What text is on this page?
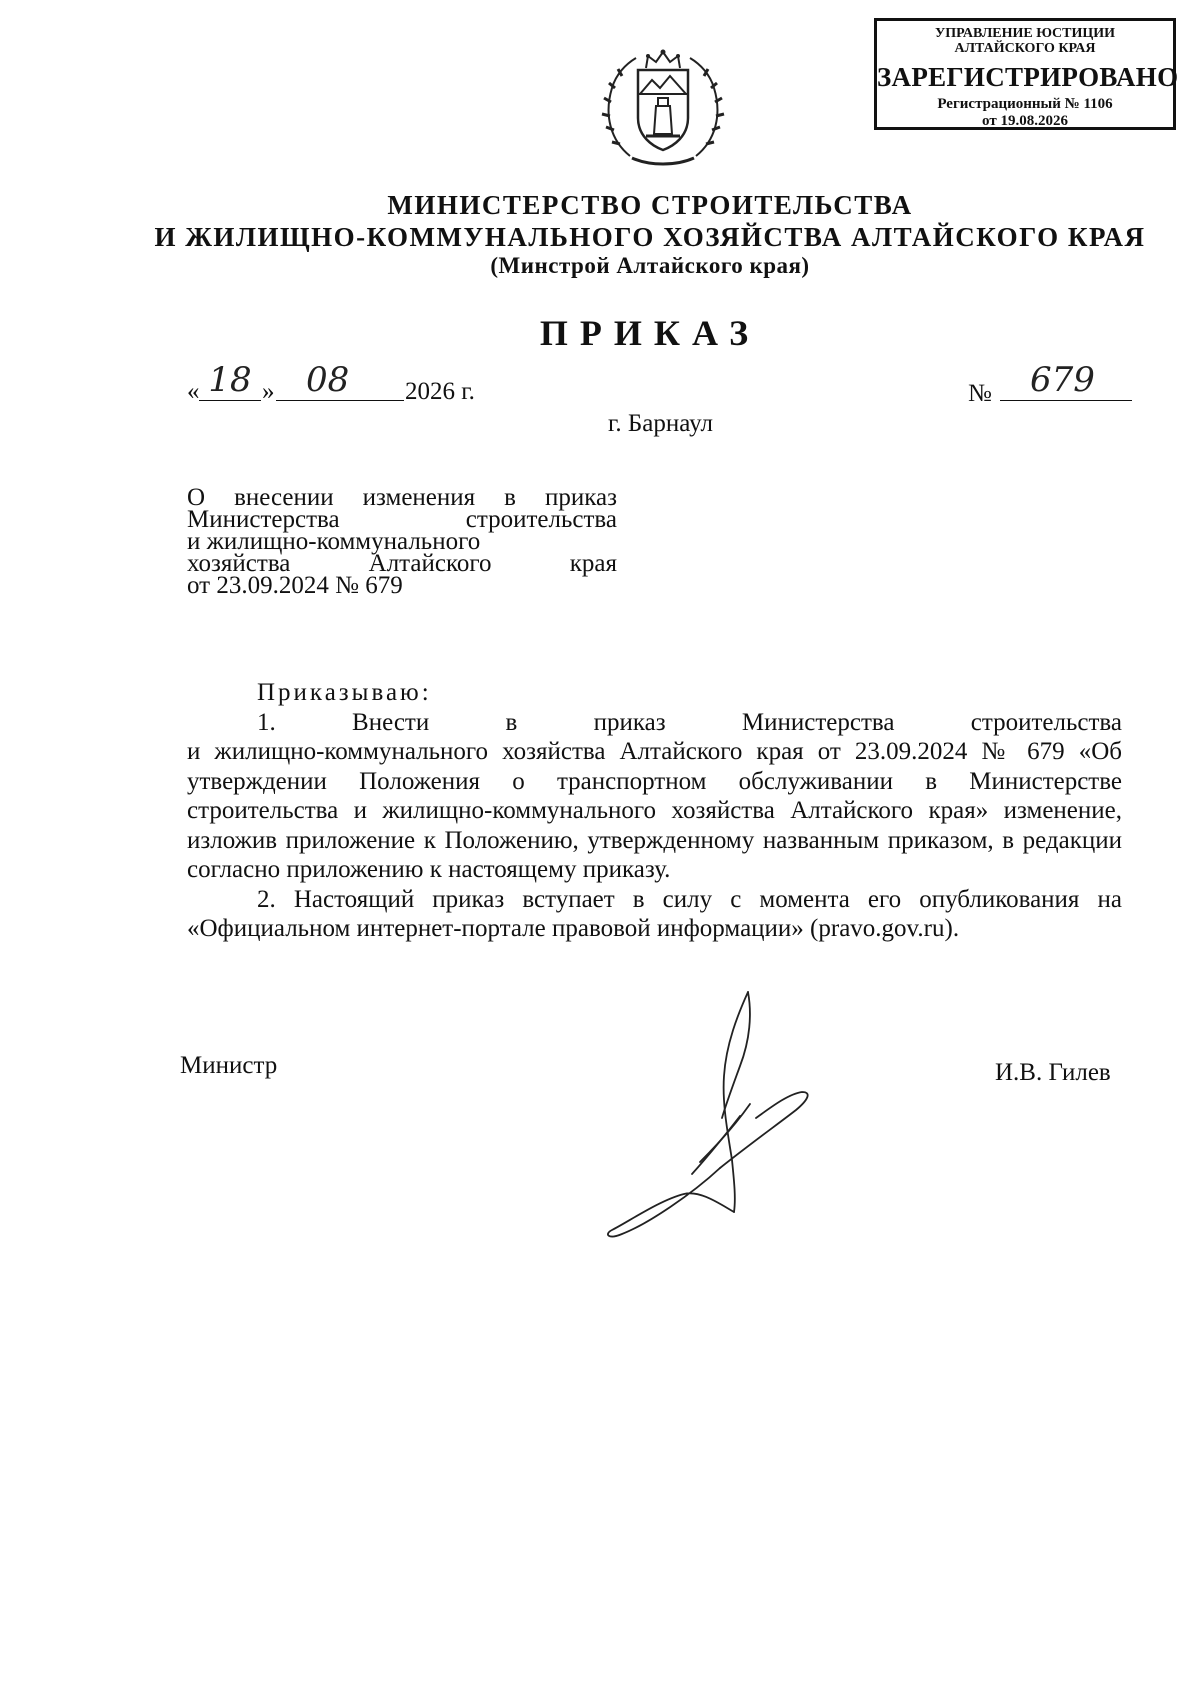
УПРАВЛЕНИЕ ЮСТИЦИИ
АЛТАЙСКОГО КРАЯ
ЗАРЕГИСТРИРОВАНО
Регистрационный № 1106
от 19.08.2026
МИНИСТЕРСТВО СТРОИТЕЛЬСТВА
И ЖИЛИЩНО-КОММУНАЛЬНОГО ХОЗЯЙСТВА АЛТАЙСКОГО КРАЯ
(Минстрой Алтайского края)
ПРИКАЗ
« 18 » 08	2026 г.	№	679
г. Барнаул
О внесении изменения в приказ
Министерства строительства
и жилищно-коммунального
хозяйства Алтайского края
от 23.09.2024 № 679

Приказываю:

1. Внести в приказ Министерства строительства

и жилищно-коммунального хозяйства Алтайского края от 23.09.2024 № 679 «Об утверждении Положения о транспортном обслуживании в Министерстве строительства и жилищно-коммунального хозяйства Алтайского края» изменение, изложив приложение к Положению, утвержденному названным приказом, в редакции согласно приложению к настоящему приказу.

2. Настоящий приказ вступает в силу с момента его опубликования на «Официальном интернет-портале правовой информации» (pravo.gov.ru).

Министр	И.В. Гилев
